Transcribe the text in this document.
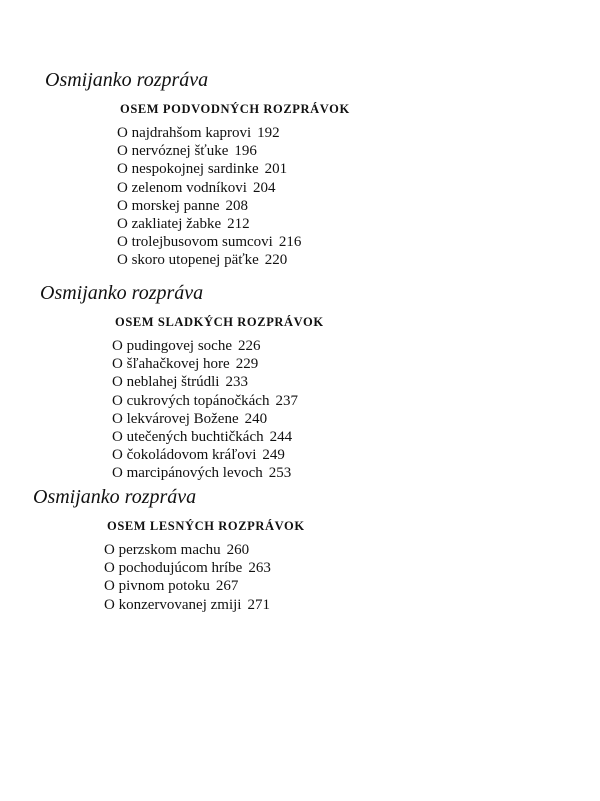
Osmijanko rozpráva
OSEM PODVODNÝCH ROZPRÁVOK
O najdrahšom kaprovi 192
O nervóznej šťuke 196
O nespokojnej sardinke 201
O zelenom vodníkovi 204
O morskej panne 208
O zakliatej žabke 212
O trolejbusovom sumcovi 216
O skoro utopenej päťke 220
Osmijanko rozpráva
OSEM SLADKÝCH ROZPRÁVOK
O pudingovej soche 226
O šľahačkovej hore 229
O neblahej štrúdli 233
O cukrových topánočkách 237
O lekvárovej Božene 240
O utečených buchtičkách 244
O čokoládovom kráľovi 249
O marcipánových levoch 253
Osmijanko rozpráva
OSEM LESNÝCH ROZPRÁVOK
O perzskom machu 260
O pochodujúcom hríbe 263
O pivnom potoku 267
O konzervovanej zmiji 271
